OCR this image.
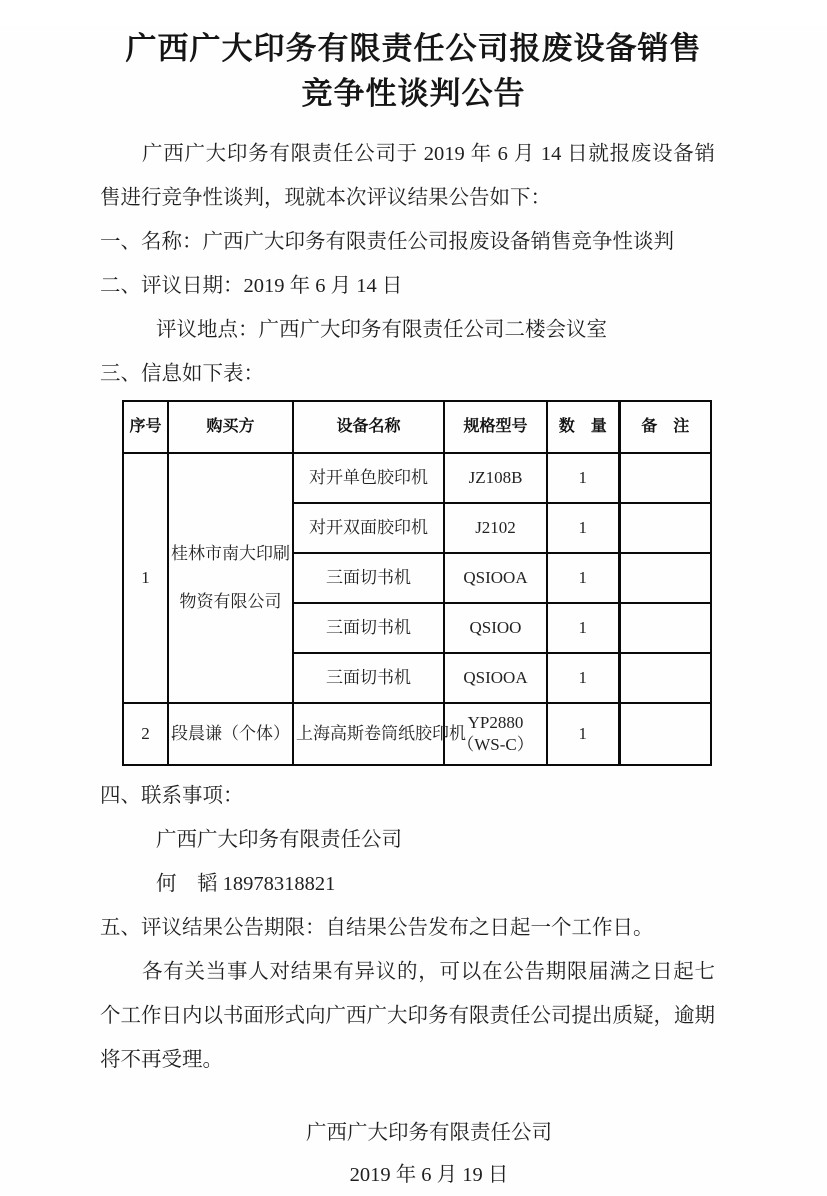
广西广大印务有限责任公司报废设备销售
竞争性谈判公告

广西广大印务有限责任公司于 2019 年 6 月 14 日就报废设备销售进行竞争性谈判，现就本次评议结果公告如下：

一、名称：广西广大印务有限责任公司报废设备销售竞争性谈判

二、评议日期：2019 年 6 月 14 日

评议地点：广西广大印务有限责任公司二楼会议室

三、信息如下表：

序号	购买方	设备名称	规格型号	数　量	备　注
1	桂林市南大印刷物资有限公司	对开单色胶印机	JZ108B	1	
		对开双面胶印机	J2102	1	
		三面切书机	QSIOOA	1	
		三面切书机	QSIOO	1	
		三面切书机	QSIOOA	1	
2	段晨谦（个体）	上海高斯卷筒纸胶印机	YP2880（WS-C）	1	

四、联系事项：

广西广大印务有限责任公司

何　韬 18978318821

五、评议结果公告期限：自结果公告发布之日起一个工作日。

各有关当事人对结果有异议的，可以在公告期限届满之日起七个工作日内以书面形式向广西广大印务有限责任公司提出质疑，逾期将不再受理。

广西广大印务有限责任公司
2019 年 6 月 19 日
